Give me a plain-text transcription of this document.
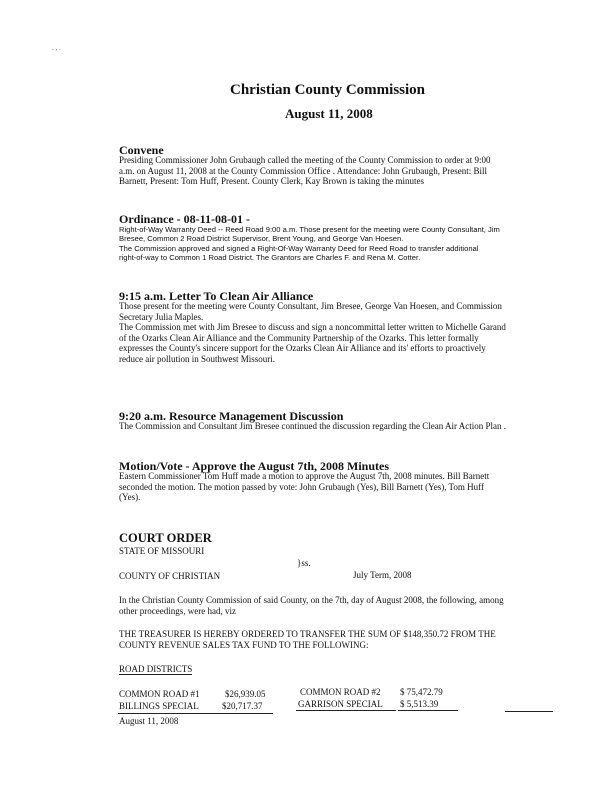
. , .
Christian County Commission
August 11, 2008
Convene
Presiding Commissioner John Grubaugh called the meeting of the County Commission to order at 9:00
a.m. on August 11, 2008 at the County Commission Office . Attendance: John Grubaugh, Present: Bill
Barnett, Present: Tom Huff, Present. County Clerk, Kay Brown is taking the minutes
Ordinance - 08-11-08-01 -
Right-of-Way Warranty Deed -- Reed Road 9:00 a.m. Those present for the meeting were County Consultant, Jim
Bresee, Common 2 Road District Supervisor, Brent Young, and George Van Hoesen.
The Commission approved and signed a Right-Of-Way Warranty Deed for Reed Road to transfer additional
right-of-way to Common 1 Road District. The Grantors are Charles F. and Rena M. Cotter.
9:15 a.m. Letter To Clean Air Alliance
Those present for the meeting were County Consultant, Jim Bresee, George Van Hoesen, and Commission
Secretary Julia Maples.
The Commission met with Jim Bresee to discuss and sign a noncommittal letter written to Michelle Garand
of the Ozarks Clean Air Alliance and the Community Partnership of the Ozarks. This letter formally
expresses the County's sincere support for the Ozarks Clean Air Alliance and its' efforts to proactively
reduce air pollution in Southwest Missouri.
9:20 a.m. Resource Management Discussion
The Commission and Consultant Jim Bresee continued the discussion regarding the Clean Air Action Plan .
Motion/Vote - Approve the August 7th, 2008 Minutes
Eastern Commissioner Tom Huff made a motion to approve the August 7th, 2008 minutes. Bill Barnett
seconded the motion. The motion passed by vote: John Grubaugh (Yes), Bill Barnett (Yes), Tom Huff
(Yes).
COURT ORDER
STATE OF MISSOURI
}ss.
COUNTY OF CHRISTIAN	July Term, 2008
In the Christian County Commission of said County, on the 7th, day of August 2008, the following, among
other proceedings, were had, viz
THE TREASURER IS HEREBY ORDERED TO TRANSFER THE SUM OF $148,350.72 FROM THE
COUNTY REVENUE SALES TAX FUND TO THE FOLLOWING:
ROAD DISTRICTS
COMMON ROAD #1	$26,939.05	COMMON ROAD #2 $ 75,472.79
BILLINGS SPECIAL	$20,717.37	GARRISON SPECIAL $ 5,513.39
August 11, 2008
